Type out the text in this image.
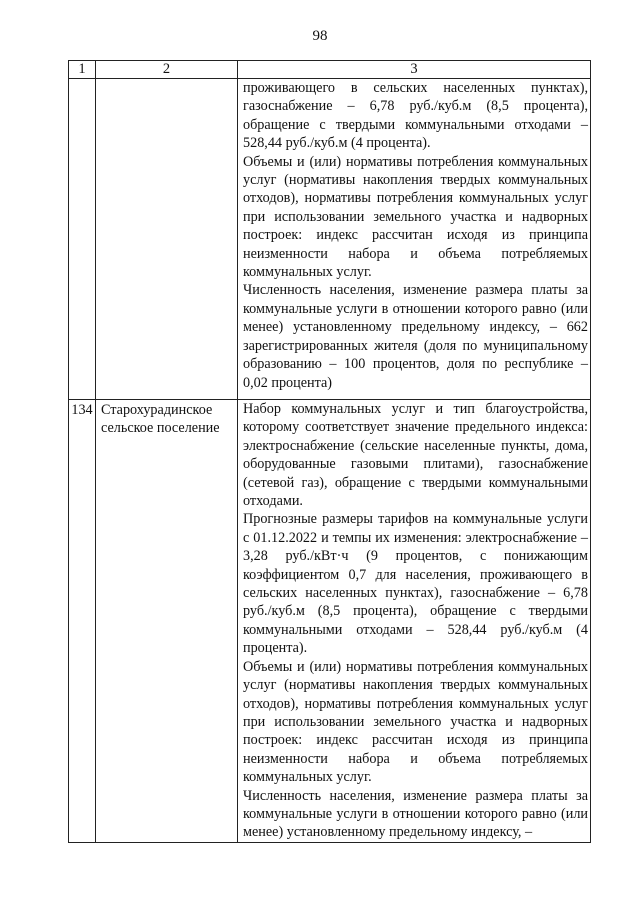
98
1	2	3

		проживающего в сельских населенных пунктах), газоснабжение – 6,78 руб./куб.м (8,5 процента), обращение с твердыми коммунальными отходами – 528,44 руб./куб.м (4 процента).

Объемы и (или) нормативы потребления коммунальных услуг (нормативы накопления твердых коммунальных отходов), нормативы потребления коммунальных услуг при использовании земельного участка и надворных построек: индекс рассчитан исходя из принципа неизменности набора и объема потребляемых коммунальных услуг.

Численность населения, изменение размера платы за коммунальные услуги в отношении которого равно (или менее) установленному предельному индексу, – 662 зарегистрированных жителя (доля по муниципальному образованию – 100 процентов, доля по республике – 0,02 процента)

134	Старохурадинское сельское поселение	Набор коммунальных услуг и тип благоустройства, которому соответствует значение предельного индекса: электроснабжение (сельские населенные пункты, дома, оборудованные газовыми плитами), газоснабжение (сетевой газ), обращение с твердыми коммунальными отходами.

Прогнозные размеры тарифов на коммунальные услуги с 01.12.2022 и темпы их изменения: электроснабжение – 3,28 руб./кВт·ч (9 процентов, с понижающим коэффициентом 0,7 для населения, проживающего в сельских населенных пунктах), газоснабжение – 6,78 руб./куб.м (8,5 процента), обращение с твердыми коммунальными отходами – 528,44 руб./куб.м (4 процента).

Объемы и (или) нормативы потребления коммунальных услуг (нормативы накопления твердых коммунальных отходов), нормативы потребления коммунальных услуг при использовании земельного участка и надворных построек: индекс рассчитан исходя из принципа неизменности набора и объема потребляемых коммунальных услуг.

Численность населения, изменение размера платы за коммунальные услуги в отношении которого равно (или менее) установленному предельному индексу, –
